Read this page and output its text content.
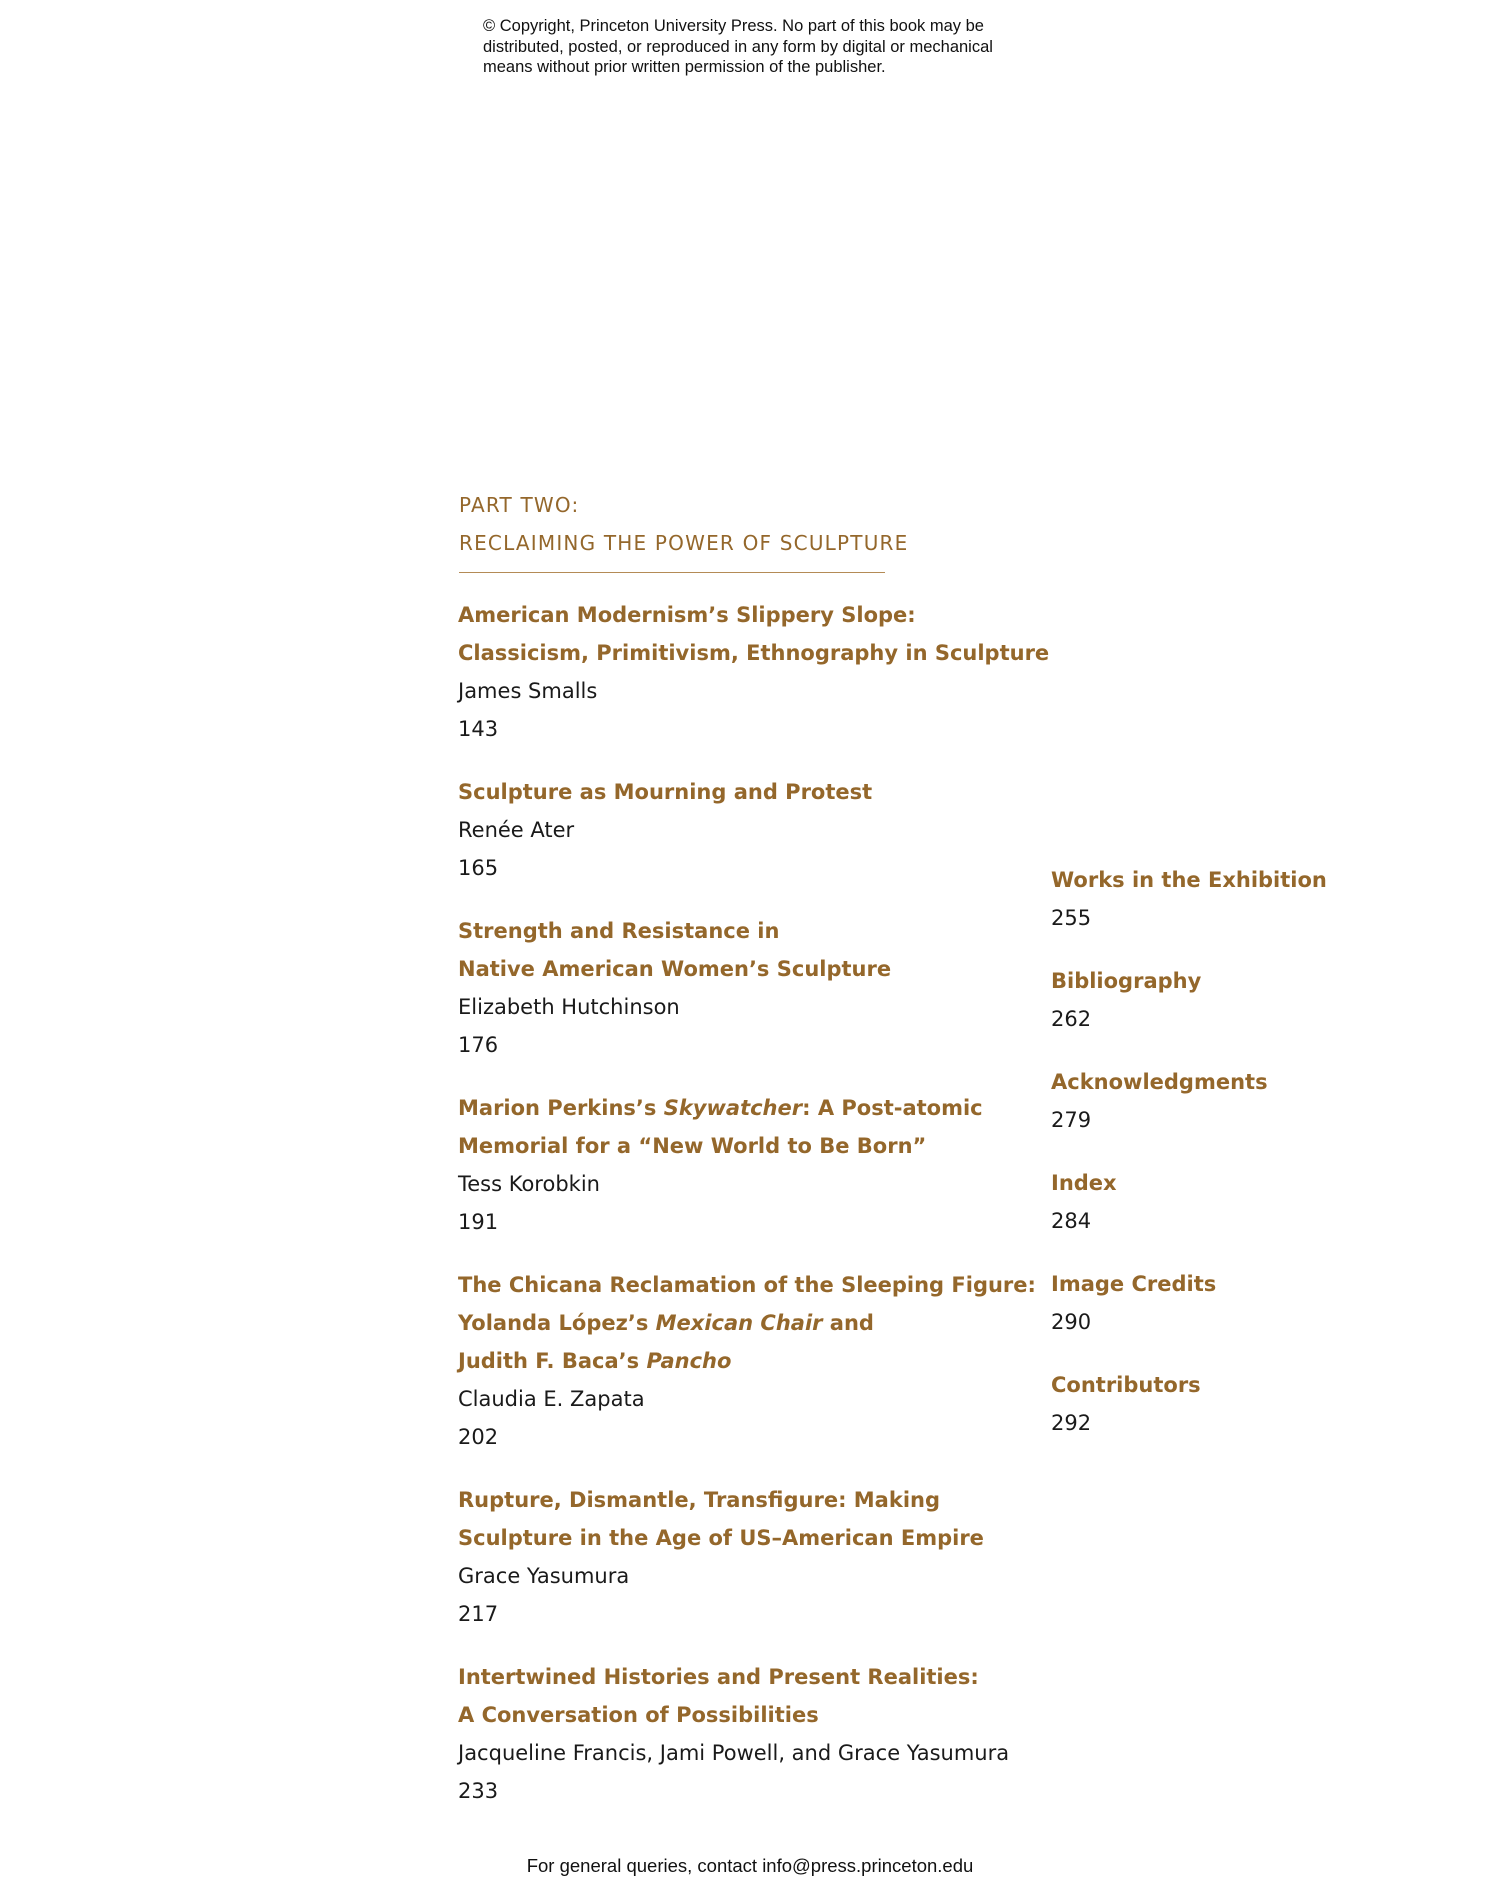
© Copyright, Princeton University Press. No part of this book may be
distributed, posted, or reproduced in any form by digital or mechanical
means without prior written permission of the publisher.
PART TWO:
RECLAIMING THE POWER OF SCULPTURE
American Modernism’s Slippery Slope:
Classicism, Primitivism, Ethnography in Sculpture
James Smalls
143
Sculpture as Mourning and Protest
Renée Ater
165
Strength and Resistance in
Native American Women’s Sculpture
Elizabeth Hutchinson
176
Marion Perkins’s Skywatcher: A Post-atomic
Memorial for a “New World to Be Born”
Tess Korobkin
191
The Chicana Reclamation of the Sleeping Figure:
Yolanda López’s Mexican Chair and
Judith F. Baca’s Pancho
Claudia E. Zapata
202
Rupture, Dismantle, Transfigure: Making
Sculpture in the Age of US–American Empire
Grace Yasumura
217
Intertwined Histories and Present Realities:
A Conversation of Possibilities
Jacqueline Francis, Jami Powell, and Grace Yasumura
233
Works in the Exhibition
255
Bibliography
262
Acknowledgments
279
Index
284
Image Credits
290
Contributors
292
For general queries, contact info@press.princeton.edu
